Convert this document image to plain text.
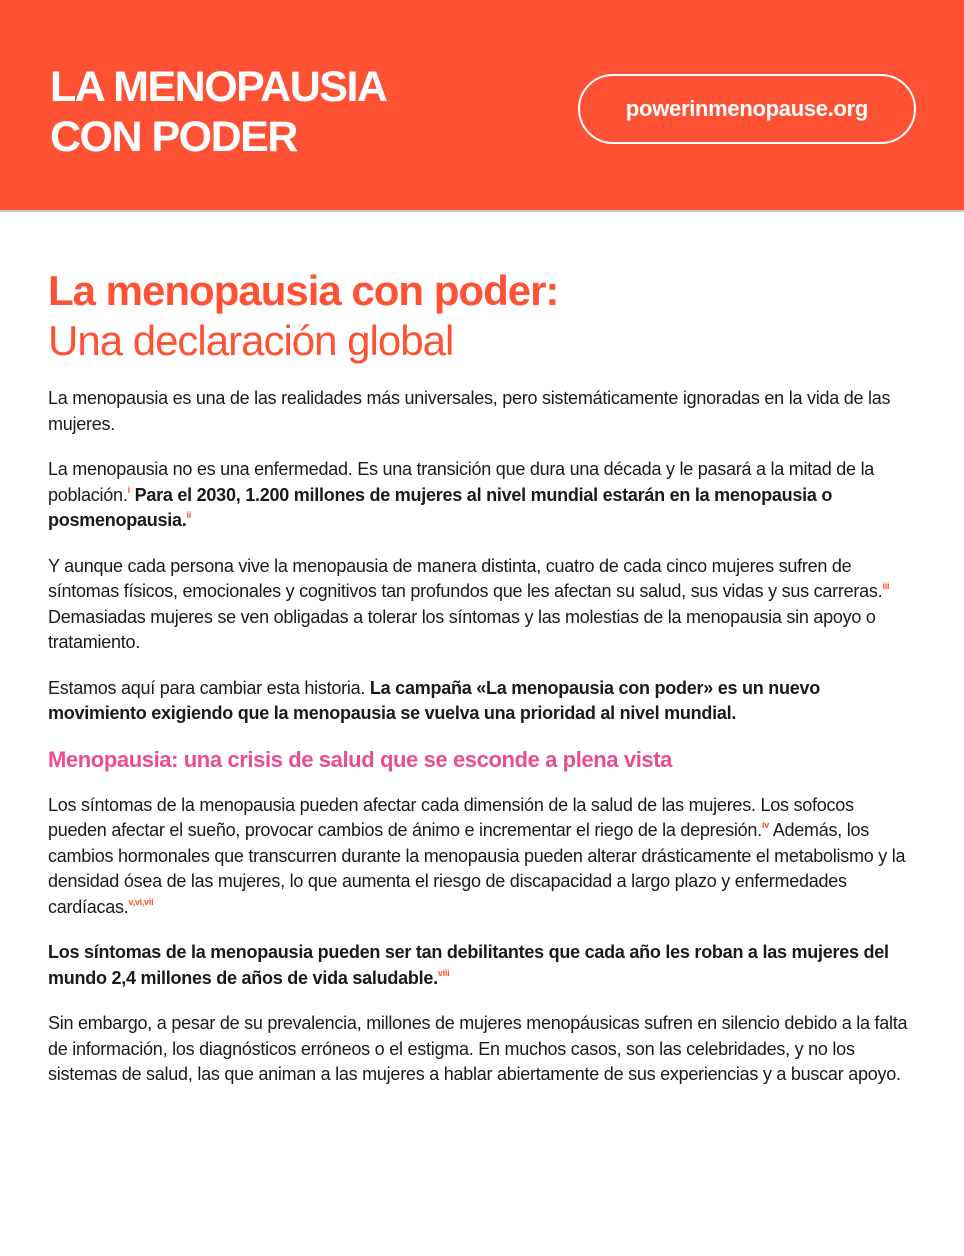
LA MENOPAUSIA
CON PODER
powerinmenopause.org
La menopausia con poder:
Una declaración global

La menopausia es una de las realidades más universales, pero sistemáticamente ignoradas en la vida de las mujeres.

La menopausia no es una enfermedad. Es una transición que dura una década y le pasará a la mitad de la población.$^i$ Para el 2030, 1.200 millones de mujeres al nivel mundial estarán en la menopausia o posmenopausia.$^{ii}$

Y aunque cada persona vive la menopausia de manera distinta, cuatro de cada cinco mujeres sufren de síntomas físicos, emocionales y cognitivos tan profundos que les afectan su salud, sus vidas y sus carreras.$^{iii}$ Demasiadas mujeres se ven obligadas a tolerar los síntomas y las molestias de la menopausia sin apoyo o tratamiento.

Estamos aquí para cambiar esta historia. La campaña «La menopausia con poder» es un nuevo movimiento exigiendo que la menopausia se vuelva una prioridad al nivel mundial.

Menopausia: una crisis de salud que se esconde a plena vista

Los síntomas de la menopausia pueden afectar cada dimensión de la salud de las mujeres. Los sofocos pueden afectar el sueño, provocar cambios de ánimo e incrementar el riego de la depresión.$^{iv}$ Además, los cambios hormonales que transcurren durante la menopausia pueden alterar drásticamente el metabolismo y la densidad ósea de las mujeres, lo que aumenta el riesgo de discapacidad a largo plazo y enfermedades cardíacas.$^{v,vi,vii}$

Los síntomas de la menopausia pueden ser tan debilitantes que cada año les roban a las mujeres del mundo 2,4 millones de años de vida saludable.$^{viii}$

Sin embargo, a pesar de su prevalencia, millones de mujeres menopáusicas sufren en silencio debido a la falta de información, los diagnósticos erróneos o el estigma. En muchos casos, son las celebridades, y no los sistemas de salud, las que animan a las mujeres a hablar abiertamente de sus experiencias y a buscar apoyo.
